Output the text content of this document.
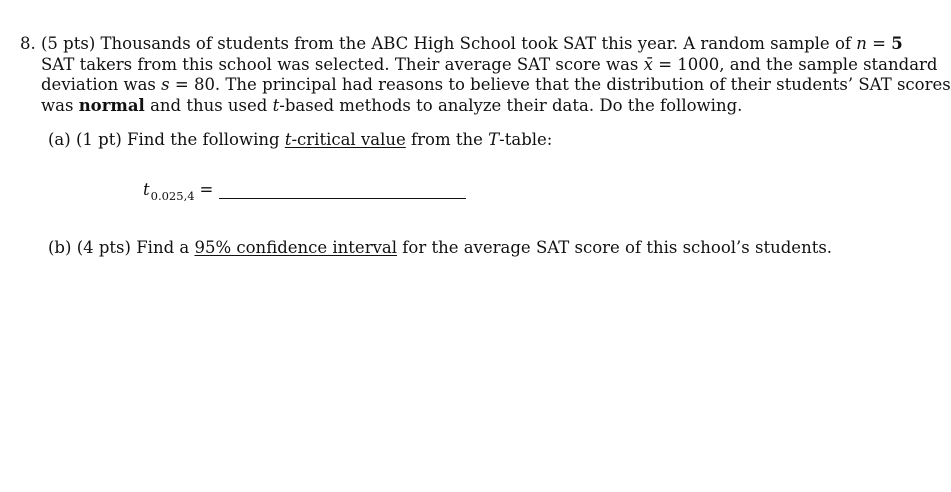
8. (5 pts) Thousands of students from the ABC High School took SAT this year. A random sample of n = 5
SAT takers from this school was selected. Their average SAT score was x̄ = 1000, and the sample standard
deviation was s = 80. The principal had reasons to believe that the distribution of their students’ SAT scores
was normal and thus used t-based methods to analyze their data. Do the following.
(a) (1 pt) Find the following t-critical value from the T-table:
$t_{0.025,4}$ =
(b) (4 pts) Find a 95% confidence interval for the average SAT score of this school’s students.
